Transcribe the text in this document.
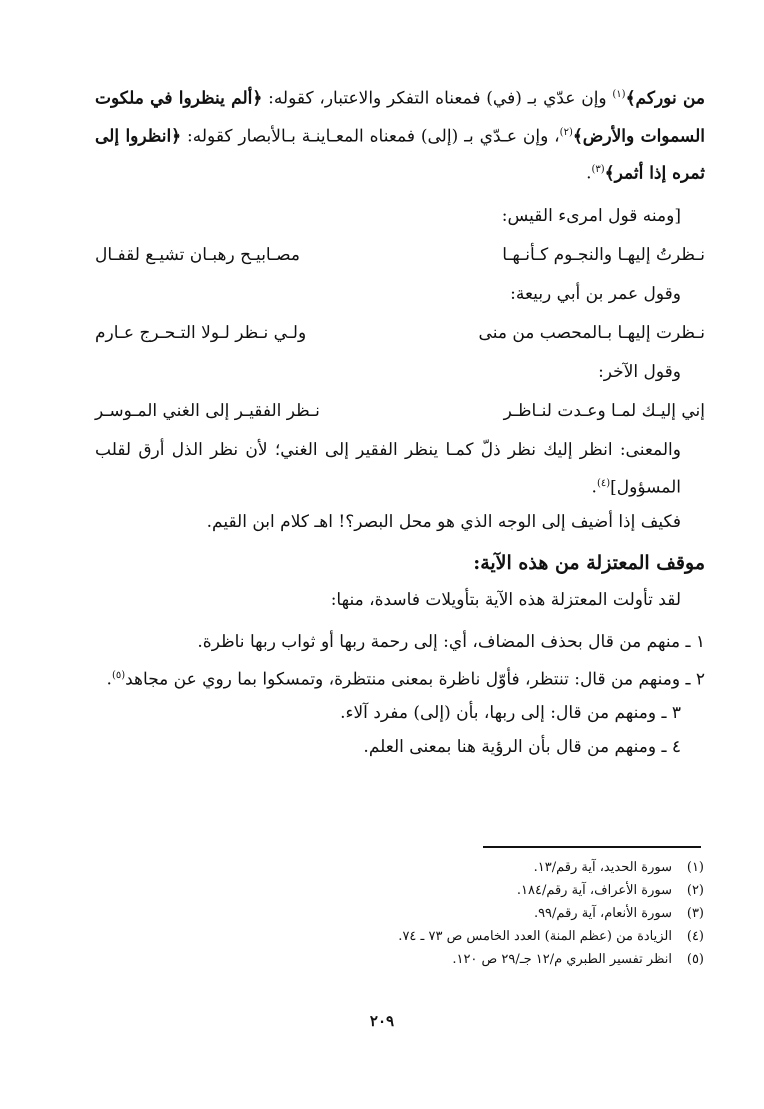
من نوركم﴾$^{(١)}$ وإن عدّي بـ (في) فمعناه التفكر والاعتبار، كقوله: ﴿ألم ينظروا في ملكوت السموات والأرض﴾$^{(٢)}$، وإن عـدّي بـ (إلى) فمعناه المعـاينـة بـالأبصار كقوله: ﴿انظروا إلى ثمره إذا أثمر﴾$^{(٣)}$.

[ومنه قول امرىء القيس:

نـظرتُ إليهـا والنجـوم كـأنـهـا
مصـابيـح رهبـان تشيـع لقفـال

وقول عمر بن أبي ربيعة:

نـظرت إليهـا بـالمحصب من منى
ولـي نـظر لـولا التـحـرج عـارم

وقول الآخر:

إني إليـك لمـا وعـدت لنـاظـر
نـظر الفقيـر إلى الغني المـوسـر

والمعنى: انظر إليك نظر ذلّ كمـا ينظر الفقير إلى الغني؛ لأن نظر الذل أرق لقلب المسؤول]$^{(٤)}$.

فكيف إذا أضيف إلى الوجه الذي هو محل البصر؟! اهـ كلام ابن القيم.

موقف المعتزلة من هذه الآية:

لقد تأولت المعتزلة هذه الآية بتأويلات فاسدة، منها:

١ ـ منهم من قال بحذف المضاف، أي: إلى رحمة ربها أو ثواب ربها ناظرة.

٢ ـ ومنهم من قال: تنتظر، فأوّل ناظرة بمعنى منتظرة، وتمسكوا بما روي عن مجاهد$^{(٥)}$.

٣ ـ ومنهم من قال: إلى ربها، بأن (إلى) مفرد آلاء.

٤ ـ ومنهم من قال بأن الرؤية هنا بمعنى العلم.

(١)
سورة الحديد، آية رقم/١٣.
(٢)
سورة الأعراف، آية رقم/١٨٤.
(٣)
سورة الأنعام، آية رقم/٩٩.
(٤)
الزيادة من (عظم المنة) العدد الخامس ص ٧٣ ـ ٧٤.
(٥)
انظر تفسير الطبري م/١٢ جـ/٢٩ ص ١٢٠.
٢٠٩
